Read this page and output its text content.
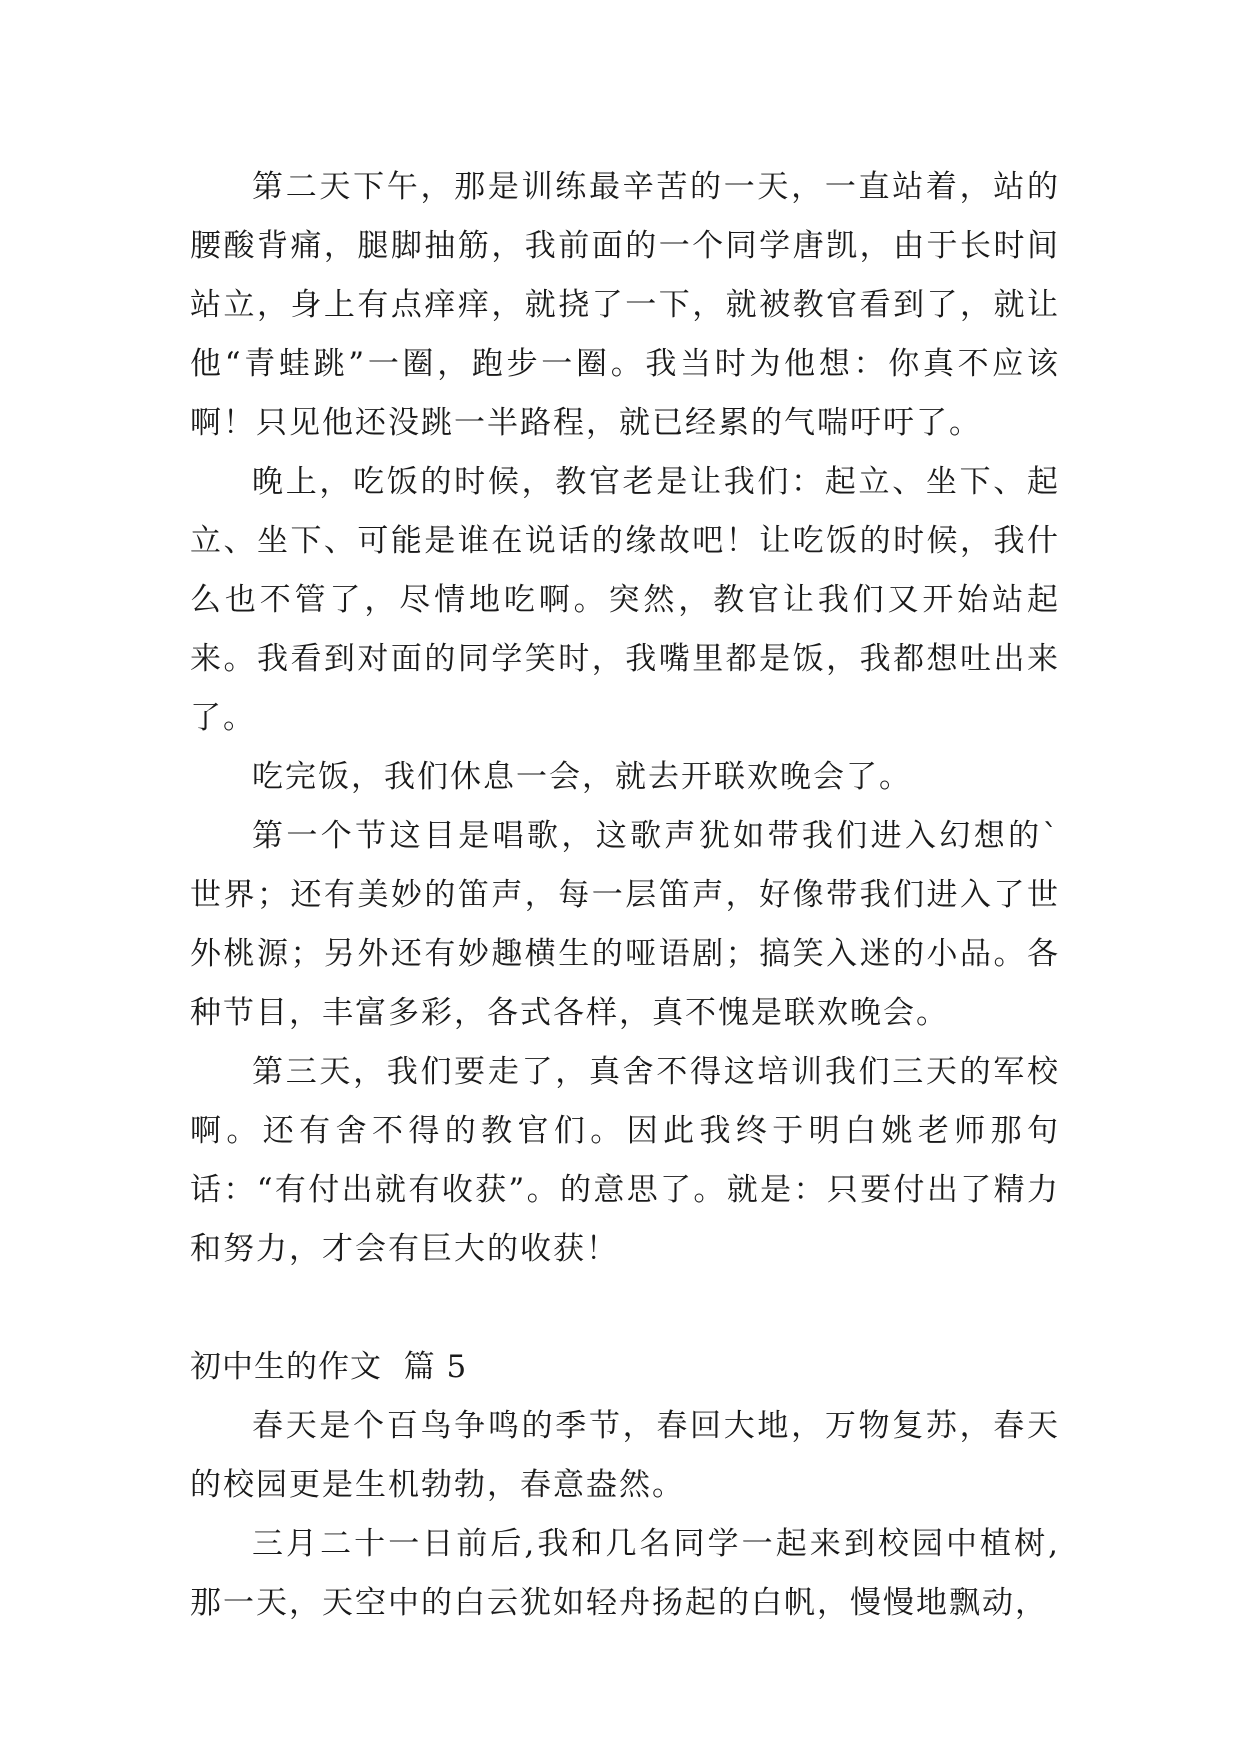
第二天下午，那是训练最辛苦的一天，一直站着，站的腰酸背痛，腿脚抽筋，我前面的一个同学唐凯，由于长时间站立，身上有点痒痒，就挠了一下，就被教官看到了，就让他“青蛙跳”一圈，跑步一圈。我当时为他想：你真不应该啊！只见他还没跳一半路程，就已经累的气喘吁吁了。

晚上，吃饭的时候，教官老是让我们：起立、坐下、起立、坐下、可能是谁在说话的缘故吧！让吃饭的时候，我什么也不管了，尽情地吃啊。突然，教官让我们又开始站起来。我看到对面的同学笑时，我嘴里都是饭，我都想吐出来了。

吃完饭，我们休息一会，就去开联欢晚会了。

第一个节这目是唱歌，这歌声犹如带我们进入幻想的`世界；还有美妙的笛声，每一层笛声，好像带我们进入了世外桃源；另外还有妙趣横生的哑语剧；搞笑入迷的小品。各种节目，丰富多彩，各式各样，真不愧是联欢晚会。

第三天，我们要走了，真舍不得这培训我们三天的军校啊。还有舍不得的教官们。因此我终于明白姚老师那句话：“有付出就有收获”。的意思了。就是：只要付出了精力和努力，才会有巨大的收获！

初中生的作文  篇 5

春天是个百鸟争鸣的季节，春回大地，万物复苏，春天的校园更是生机勃勃，春意盎然。

三月二十一日前后,我和几名同学一起来到校园中植树,那一天，天空中的白云犹如轻舟扬起的白帆，慢慢地飘动，
